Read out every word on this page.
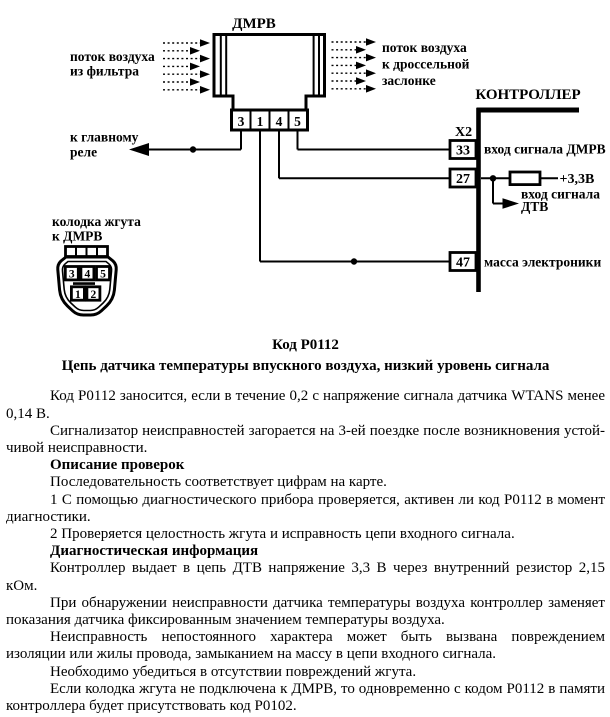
ДМРВ
3 1 4 5
поток воздуха
из фильтра
поток воздуха
к дроссельной
заслонке
к главному
реле
колодка жгута
к ДМРВ
3 4 5
1 2
КОНТРОЛЛЕР
X2
33 вход сигнала ДМРВ
27	+3,3В
вход сигнала
ДТВ
47 масса электроники

Код P0112

Цепь датчика температуры впускного воздуха, низкий уровень сигнала

Код P0112 заносится, если в течение 0,2 с напряжение сигнала датчика WTANS менее 0,14 В.

Сигнализатор неисправностей загорается на 3-ей поездке после возникновения устойчивой неисправности.

Описание проверок

Последовательность соответствует цифрам на карте.

1 С помощью диагностического прибора проверяется, активен ли код P0112 в момент диагностики.

2 Проверяется целостность жгута и исправность цепи входного сигнала.

Диагностическая информация

Контроллер выдает в цепь ДТВ напряжение 3,3 В через внутренний резистор 2,15 кОм.

При обнаружении неисправности датчика температуры воздуха контроллер заменяет показания датчика фиксированным значением температуры воздуха.

Неисправность непостоянного характера может быть вызвана повреждением изоляции или жилы провода, замыканием на массу в цепи входного сигнала.

Необходимо убедиться в отсутствии повреждений жгута.

Если колодка жгута не подключена к ДМРВ, то одновременно с кодом P0112 в памяти контроллера будет присутствовать код P0102.
